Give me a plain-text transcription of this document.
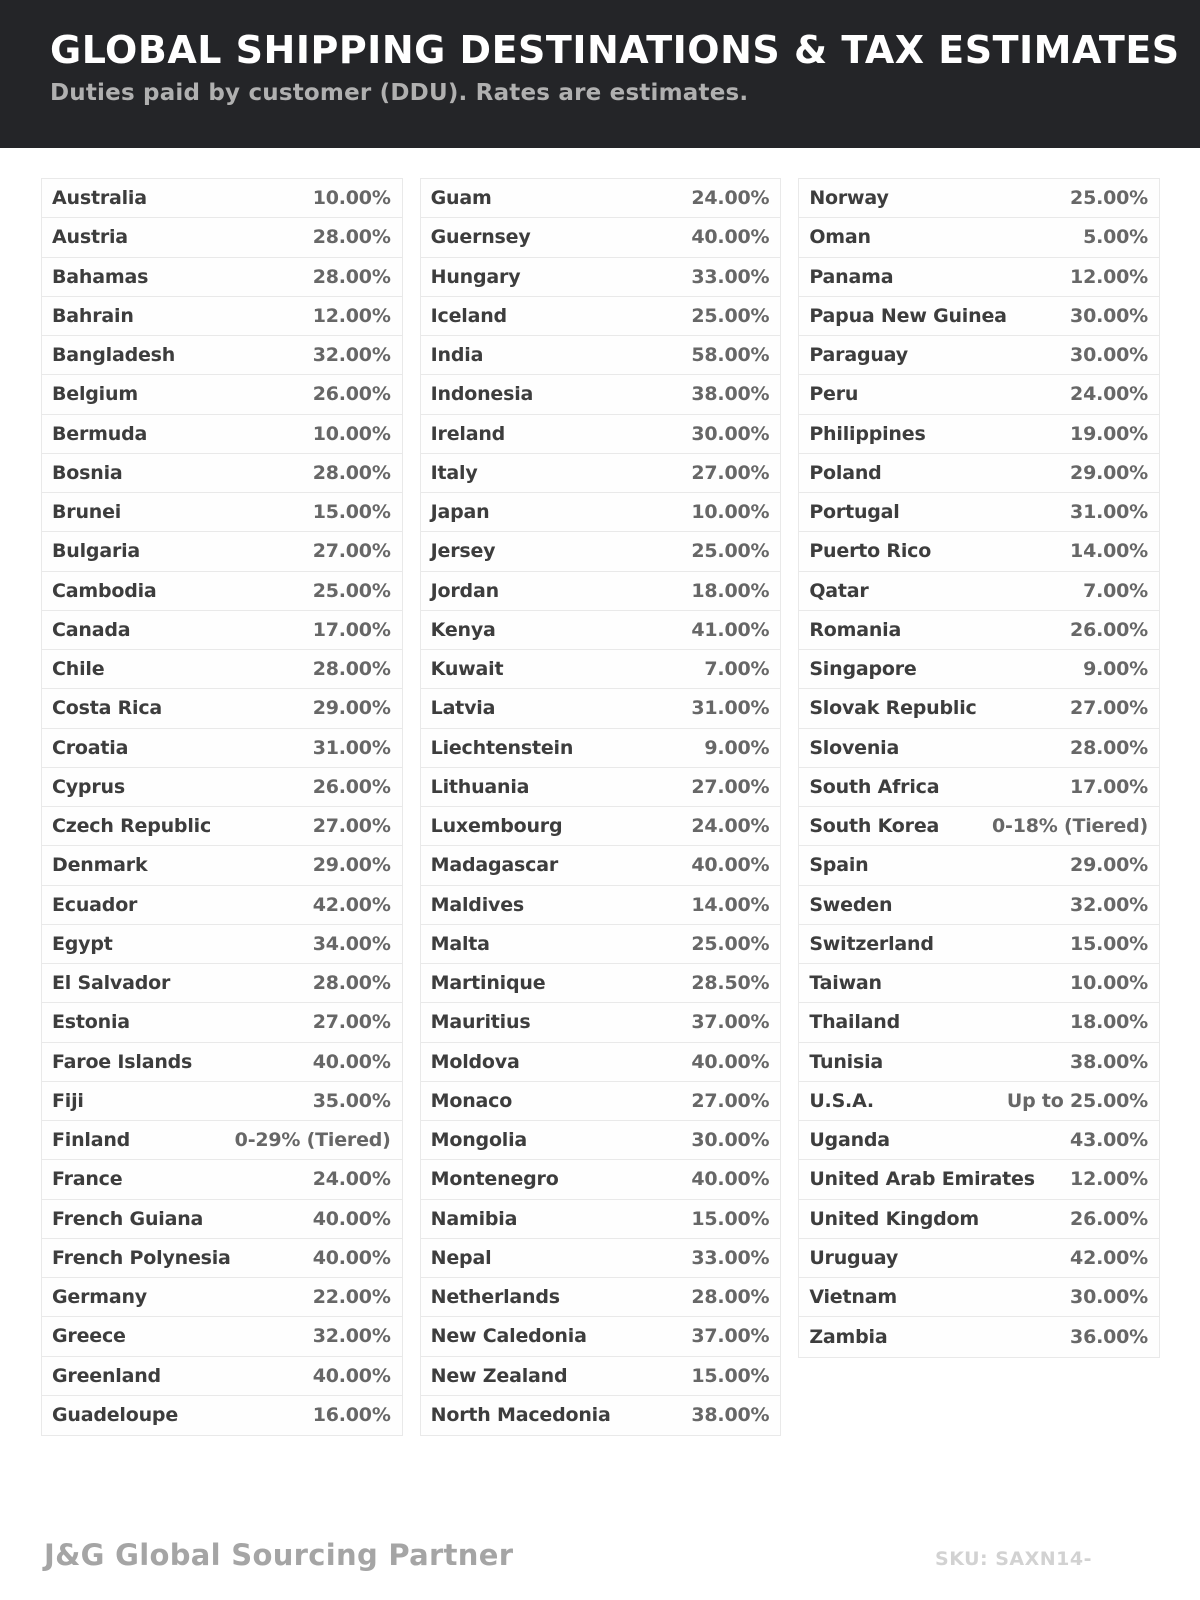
GLOBAL SHIPPING DESTINATIONS & TAX ESTIMATES

Duties paid by customer (DDU). Rates are estimates.

Australia	10.00%
Austria	28.00%
Bahamas	28.00%
Bahrain	12.00%
Bangladesh	32.00%
Belgium	26.00%
Bermuda	10.00%
Bosnia	28.00%
Brunei	15.00%
Bulgaria	27.00%
Cambodia	25.00%
Canada	17.00%
Chile	28.00%
Costa Rica	29.00%
Croatia	31.00%
Cyprus	26.00%
Czech Republic	27.00%
Denmark	29.00%
Ecuador	42.00%
Egypt	34.00%
El Salvador	28.00%
Estonia	27.00%
Faroe Islands	40.00%
Fiji	35.00%
Finland	0-29% (Tiered)
France	24.00%
French Guiana	40.00%
French Polynesia	40.00%
Germany	22.00%
Greece	32.00%
Greenland	40.00%
Guadeloupe	16.00%
Guam	24.00%
Guernsey	40.00%
Hungary	33.00%
Iceland	25.00%
India	58.00%
Indonesia	38.00%
Ireland	30.00%
Italy	27.00%
Japan	10.00%
Jersey	25.00%
Jordan	18.00%
Kenya	41.00%
Kuwait	7.00%
Latvia	31.00%
Liechtenstein	9.00%
Lithuania	27.00%
Luxembourg	24.00%
Madagascar	40.00%
Maldives	14.00%
Malta	25.00%
Martinique	28.50%
Mauritius	37.00%
Moldova	40.00%
Monaco	27.00%
Mongolia	30.00%
Montenegro	40.00%
Namibia	15.00%
Nepal	33.00%
Netherlands	28.00%
New Caledonia	37.00%
New Zealand	15.00%
North Macedonia	38.00%
Norway	25.00%
Oman	5.00%
Panama	12.00%
Papua New Guinea	30.00%
Paraguay	30.00%
Peru	24.00%
Philippines	19.00%
Poland	29.00%
Portugal	31.00%
Puerto Rico	14.00%
Qatar	7.00%
Romania	26.00%
Singapore	9.00%
Slovak Republic	27.00%
Slovenia	28.00%
South Africa	17.00%
South Korea	0-18% (Tiered)
Spain	29.00%
Sweden	32.00%
Switzerland	15.00%
Taiwan	10.00%
Thailand	18.00%
Tunisia	38.00%
U.S.A.	Up to 25.00%
Uganda	43.00%
United Arab Emirates 12.00%
United Kingdom	26.00%
Uruguay	42.00%
Vietnam	30.00%
Zambia	36.00%
J&G Global Sourcing Partner	SKU: SAXN14-
